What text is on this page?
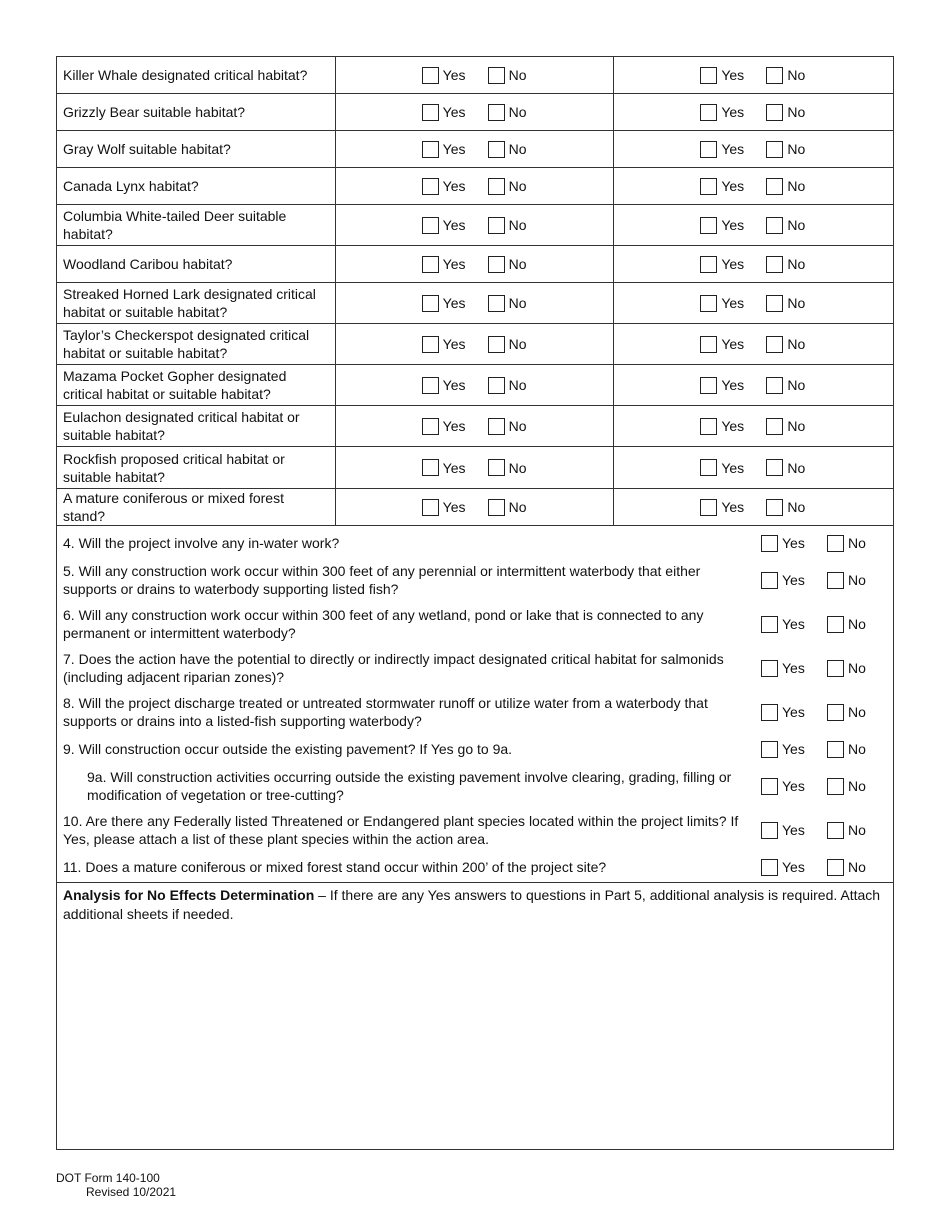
Killer Whale designated critical habitat?	Yes	No	Yes	No
Grizzly Bear suitable habitat?	Yes	No	Yes	No
Gray Wolf suitable habitat?	Yes	No	Yes	No
Canada Lynx habitat?	Yes	No	Yes	No
Columbia White-tailed Deer suitable habitat?
Yes	No	Yes	No
Woodland Caribou habitat?	Yes	No	Yes	No
Streaked Horned Lark designated critical habitat or suitable habitat?
Yes	No	Yes	No
Taylor’s Checkerspot designated critical habitat or suitable habitat?
Yes	No	Yes	No
Mazama Pocket Gopher designated critical habitat or suitable habitat?
Yes	No	Yes	No
Eulachon designated critical habitat or suitable habitat?
Yes	No	Yes	No
Rockfish proposed critical habitat or suitable habitat?
Yes	No	Yes	No
A mature coniferous or mixed forest stand?
Yes	No	Yes	No
4. Will the project involve any in-water work?	Yes	No
5. Will any construction work occur within 300 feet of any perennial or intermittent waterbody that either supports or drains to waterbody supporting listed fish?
Yes	No
6. Will any construction work occur within 300 feet of any wetland, pond or lake that is connected to any permanent or intermittent waterbody?
Yes	No
7. Does the action have the potential to directly or indirectly impact designated critical habitat for salmonids (including adjacent riparian zones)?
Yes	No
8. Will the project discharge treated or untreated stormwater runoff or utilize water from a waterbody that supports or drains into a listed-fish supporting waterbody?
Yes	No
9. Will construction occur outside the existing pavement? If Yes go to 9a.	Yes	No
9a. Will construction activities occurring outside the existing pavement involve clearing, grading, filling or modification of vegetation or tree-cutting?
Yes	No
10. Are there any Federally listed Threatened or Endangered plant species located within the project limits? If Yes, please attach a list of these plant species within the action area.
Yes	No
11. Does a mature coniferous or mixed forest stand occur within 200’ of the project site?	Yes	No
Analysis for No Effects Determination – If there are any Yes answers to questions in Part 5, additional analysis is required. Attach additional sheets if needed.
DOT Form 140-100
Revised 10/2021
